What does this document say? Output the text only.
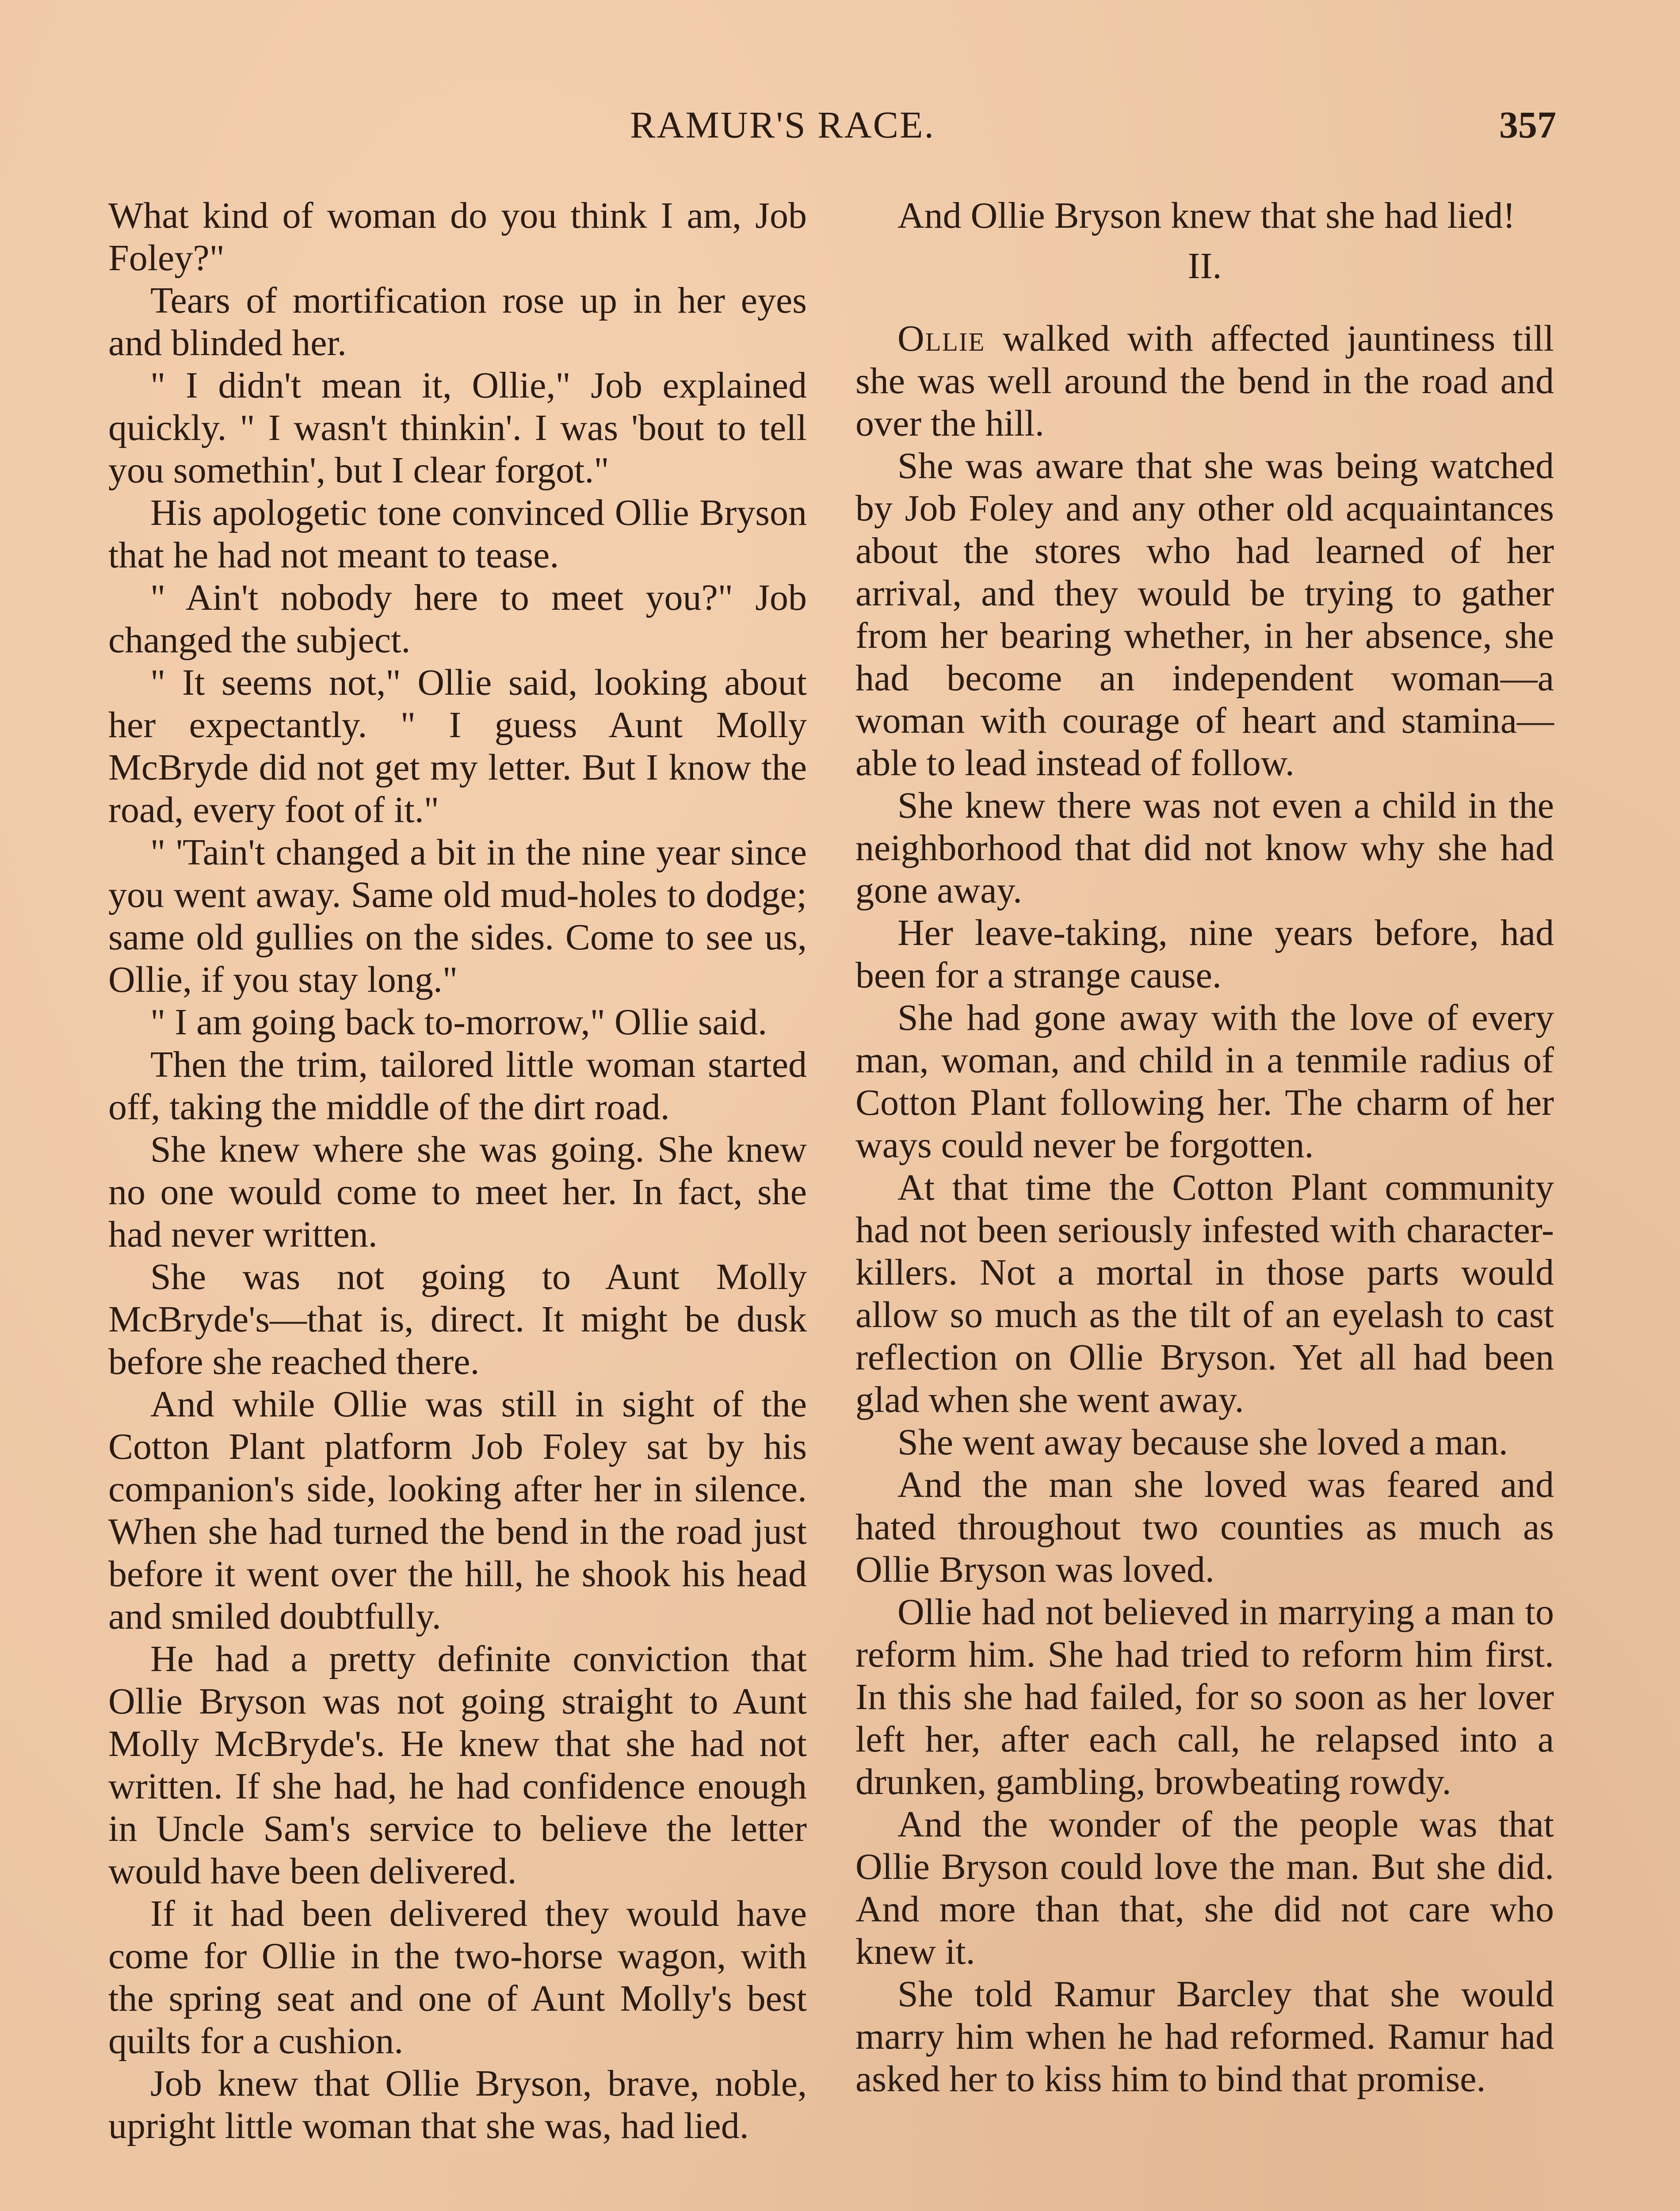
RAMUR'S RACE.	357

What kind of woman do you think I am, Job Foley?"

Tears of mortification rose up in her eyes and blinded her.

" I didn't mean it, Ollie," Job explained quickly. " I wasn't thinkin'. I was 'bout to tell you somethin', but I clear forgot."

His apologetic tone convinced Ollie Bryson that he had not meant to tease.

" Ain't nobody here to meet you?" Job changed the subject.

" It seems not," Ollie said, looking about her expectantly. " I guess Aunt Molly McBryde did not get my letter. But I know the road, every foot of it."

" 'Tain't changed a bit in the nine year since you went away. Same old mud-holes to dodge; same old gullies on the sides. Come to see us, Ollie, if you stay long."

" I am going back to-morrow," Ollie said.

Then the trim, tailored little woman started off, taking the middle of the dirt road.

She knew where she was going. She knew no one would come to meet her. In fact, she had never written.

She was not going to Aunt Molly McBryde's—that is, direct. It might be dusk before she reached there.

And while Ollie was still in sight of the Cotton Plant platform Job Foley sat by his companion's side, looking after her in silence. When she had turned the bend in the road just before it went over the hill, he shook his head and smiled doubtfully.

He had a pretty definite conviction that Ollie Bryson was not going straight to Aunt Molly McBryde's. He knew that she had not written. If she had, he had confidence enough in Uncle Sam's service to believe the letter would have been delivered.

If it had been delivered they would have come for Ollie in the two-horse wagon, with the spring seat and one of Aunt Molly's best quilts for a cushion.

Job knew that Ollie Bryson, brave, noble, upright little woman that she was, had lied.

And Ollie Bryson knew that she had lied!

II.

Ollie walked with affected jauntiness till she was well around the bend in the road and over the hill.

She was aware that she was being watched by Job Foley and any other old acquaintances about the stores who had learned of her arrival, and they would be trying to gather from her bearing whether, in her absence, she had become an independent woman—a woman with courage of heart and stamina—able to lead instead of follow.

She knew there was not even a child in the neighborhood that did not know why she had gone away.

Her leave-taking, nine years before, had been for a strange cause.

She had gone away with the love of every man, woman, and child in a tenmile radius of Cotton Plant following her. The charm of her ways could never be forgotten.

At that time the Cotton Plant community had not been seriously infested with character-killers. Not a mortal in those parts would allow so much as the tilt of an eyelash to cast reflection on Ollie Bryson. Yet all had been glad when she went away.

She went away because she loved a man.

And the man she loved was feared and hated throughout two counties as much as Ollie Bryson was loved.

Ollie had not believed in marrying a man to reform him. She had tried to reform him first. In this she had failed, for so soon as her lover left her, after each call, he relapsed into a drunken, gambling, browbeating rowdy.

And the wonder of the people was that Ollie Bryson could love the man. But she did. And more than that, she did not care who knew it.

She told Ramur Barcley that she would marry him when he had reformed. Ramur had asked her to kiss him to bind that promise.
